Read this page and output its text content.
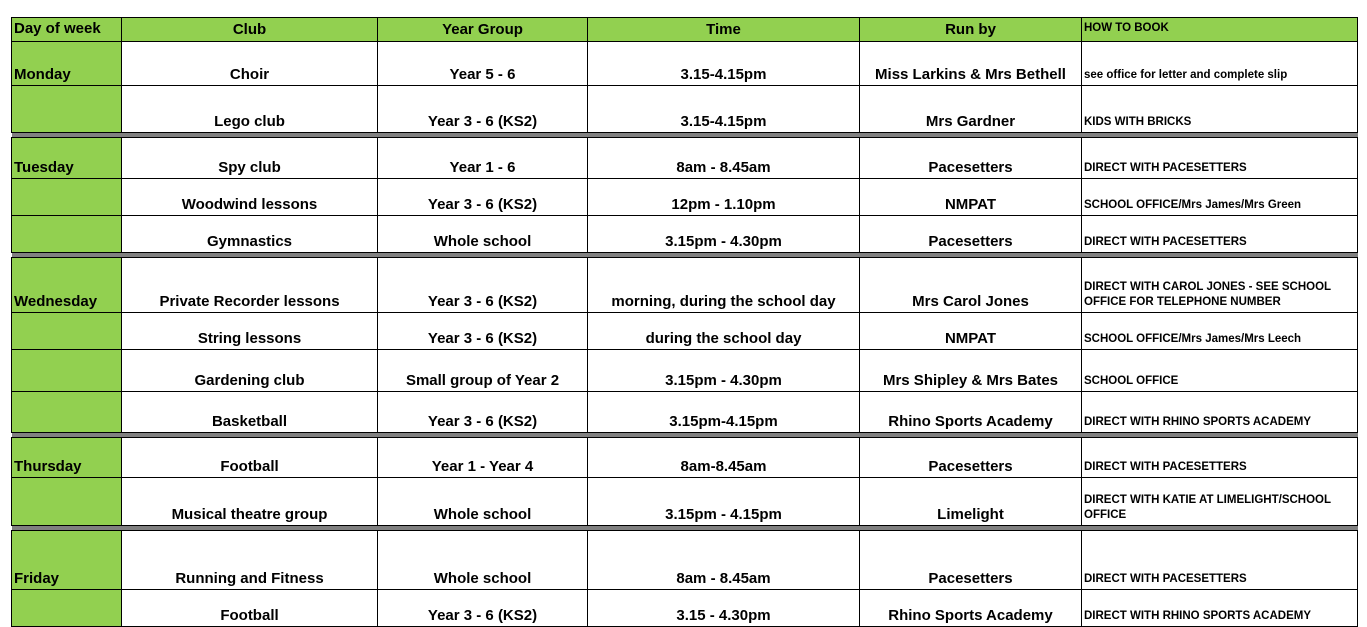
Day of week	Club	Year Group	Time	Run by	HOW TO BOOK
Monday	Choir	Year 5 - 6	3.15-4.15pm	Miss Larkins & Mrs Bethell	see office for letter and complete slip
	Lego club	Year 3 - 6 (KS2)	3.15-4.15pm	Mrs Gardner	KIDS WITH BRICKS

Tuesday	Spy club	Year 1 - 6	8am - 8.45am	Pacesetters	DIRECT WITH PACESETTERS
	Woodwind lessons	Year 3 - 6 (KS2)	12pm - 1.10pm	NMPAT	SCHOOL OFFICE/Mrs James/Mrs Green
	Gymnastics	Whole school	3.15pm - 4.30pm	Pacesetters	DIRECT WITH PACESETTERS

Wednesday	Private Recorder lessons	Year 3 - 6 (KS2)	morning, during the school day	Mrs Carol Jones	DIRECT WITH CAROL JONES - SEE SCHOOL OFFICE FOR TELEPHONE NUMBER
	String lessons	Year 3 - 6 (KS2)	during the school day	NMPAT	SCHOOL OFFICE/Mrs James/Mrs Leech
	Gardening club	Small group of Year 2	3.15pm - 4.30pm	Mrs Shipley & Mrs Bates	SCHOOL OFFICE
	Basketball	Year 3 - 6 (KS2)	3.15pm-4.15pm	Rhino Sports Academy	DIRECT WITH RHINO SPORTS ACADEMY

Thursday	Football	Year 1 - Year 4	8am-8.45am	Pacesetters	DIRECT WITH PACESETTERS
	Musical theatre group	Whole school	3.15pm - 4.15pm	Limelight	DIRECT WITH KATIE AT LIMELIGHT/SCHOOL OFFICE

Friday	Running and Fitness	Whole school	8am - 8.45am	Pacesetters	DIRECT WITH PACESETTERS
	Football	Year 3 - 6 (KS2)	3.15 - 4.30pm	Rhino Sports Academy	DIRECT WITH RHINO SPORTS ACADEMY
